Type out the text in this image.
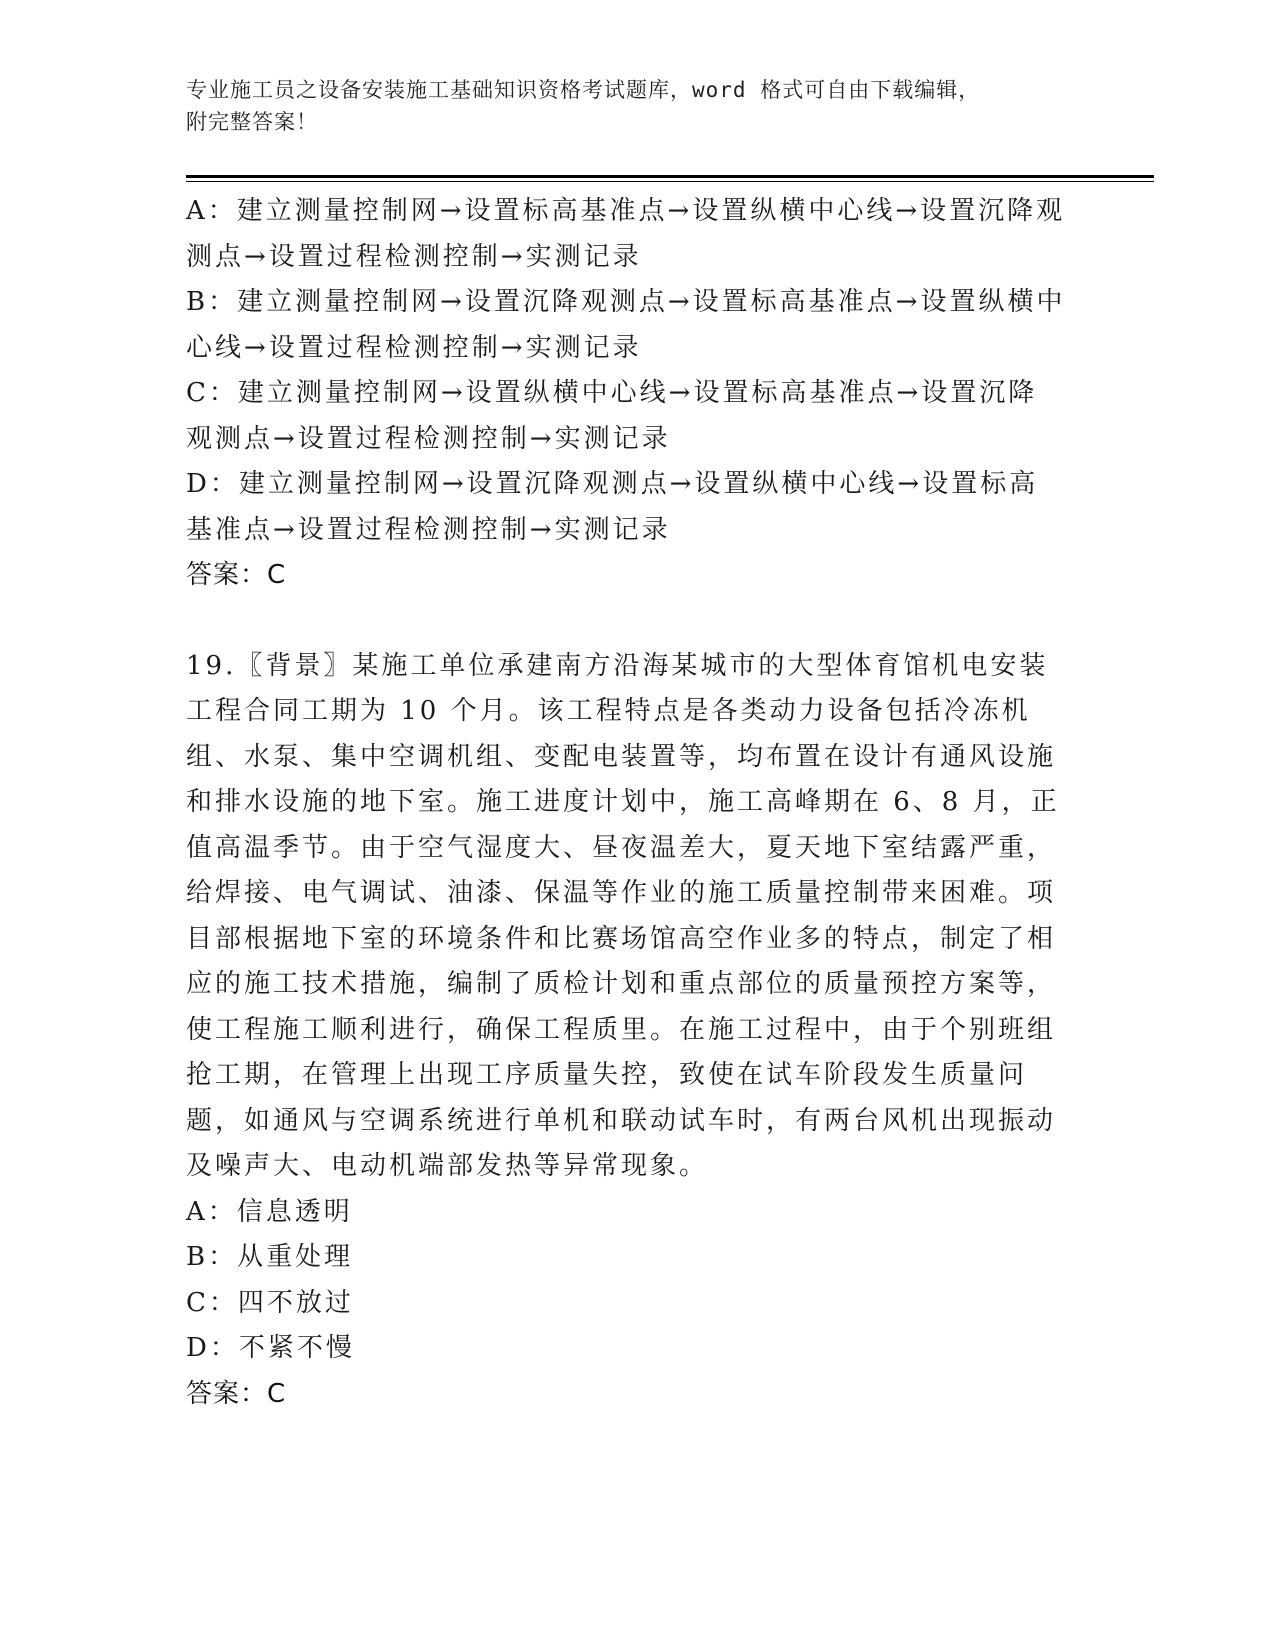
专业施工员之设备安装施工基础知识资格考试题库，word 格式可自由下载编辑，
附完整答案！

A：建立测量控制网→设置标高基准点→设置纵横中心线→设置沉降观测点→设置过程检测控制→实测记录

B：建立测量控制网→设置沉降观测点→设置标高基准点→设置纵横中心线→设置过程检测控制→实测记录

C：建立测量控制网→设置纵横中心线→设置标高基准点→设置沉降观测点→设置过程检测控制→实测记录

D：建立测量控制网→设置沉降观测点→设置纵横中心线→设置标高基准点→设置过程检测控制→实测记录

答案：C

19.〖背景〗某施工单位承建南方沿海某城市的大型体育馆机电安装工程合同工期为 10 个月。该工程特点是各类动力设备包括冷冻机组、水泵、集中空调机组、变配电装置等，均布置在设计有通风设施和排水设施的地下室。施工进度计划中，施工高峰期在 6、8 月，正值高温季节。由于空气湿度大、昼夜温差大，夏天地下室结露严重，给焊接、电气调试、油漆、保温等作业的施工质量控制带来困难。项目部根据地下室的环境条件和比赛场馆高空作业多的特点，制定了相应的施工技术措施，编制了质检计划和重点部位的质量预控方案等，使工程施工顺利进行，确保工程质里。在施工过程中，由于个别班组抢工期，在管理上出现工序质量失控，致使在试车阶段发生质量问题，如通风与空调系统进行单机和联动试车时，有两台风机出现振动及噪声大、电动机端部发热等异常现象。

A：信息透明

B：从重处理

C：四不放过

D：不紧不慢

答案：C
